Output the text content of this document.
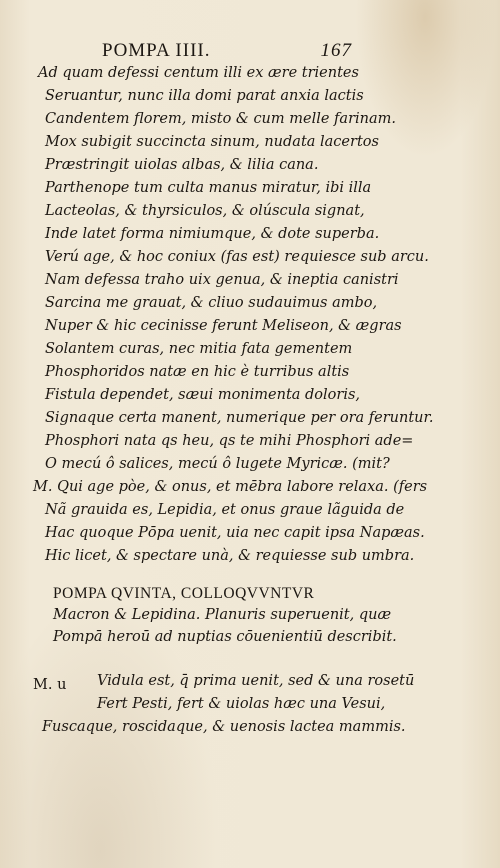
POMPA IIII.	167
Ad quam defessi centum illi ex ære trientes
Seruantur, nunc illa domi parat anxia lactis
Candentem florem, misto & cum melle farinam.
Mox subigit succincta sinum, nudata lacertos
Præstringit uiolas albas, & lilia cana.
Parthenope tum culta manus miratur, ibi illa
Lacteolas, & thyrsiculos, & olúscula signat,
Inde latet forma nimiumque, & dote superba.
Verú age, & hoc coniux (fas est) requiesce sub arcu.
Nam defessa traho uix genua, & ineptia canistri
Sarcina me grauat, & cliuo sudauimus ambo,
Nuper & hic cecinisse ferunt Meliseon, & ægras
Solantem curas, nec mitia fata gementem
Phosphoridos natæ en hic è turribus altis
Fistula dependet, sæui monimenta doloris,
Signaque certa manent, numerique per ora feruntur.
Phosphori nata qs heu, qs te mihi Phosphori ade=
O mecú ô salices, mecú ô lugete Myricæ. (mit?
M. Qui age pòe, & onus, et mēbra labore relaxa. (fers
Nã grauida es, Lepidia, et onus graue lãguida de
Hac quoque Pōpa uenit, uia nec capit ipsa Napæas.
Hic licet, & spectare unà, & requiesse sub umbra.
POMPA QVINTA, COLLOQVVNTVR
Macron & Lepidina. Planuris superuenit, quæ
Pompā heroū ad nuptias cōuenientiū describit.
M. u Vidula est, q̄ prima uenit, sed & una rosetū
Fert Pesti, fert & uiolas hæc una Vesui,
Fuscaque, roscidaque, & uenosis lactea mammis.
